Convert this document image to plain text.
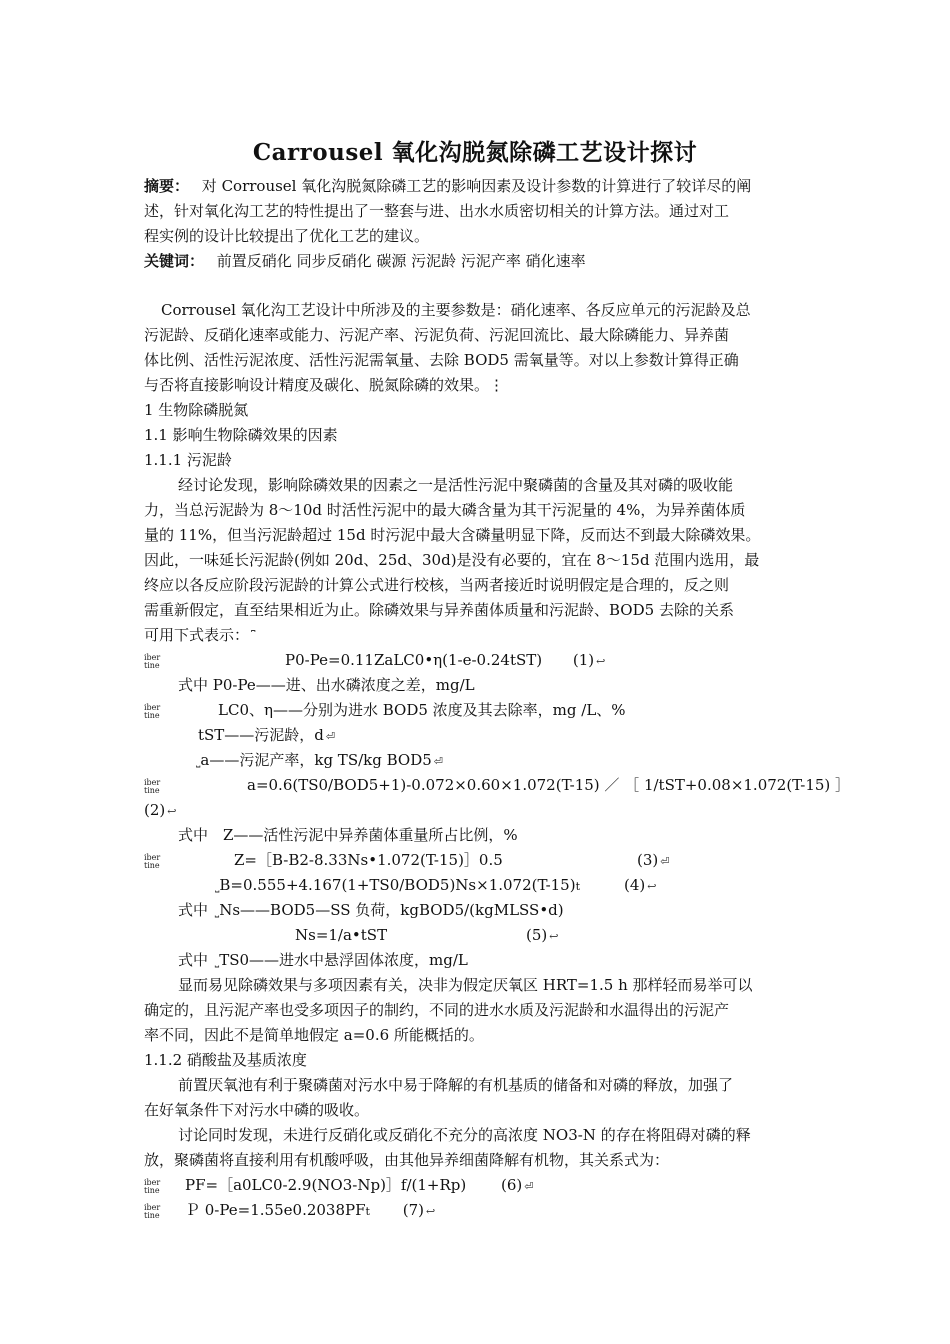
Carrousel 氧化沟脱氮除磷工艺设计探讨
摘要： 对 Corrousel 氧化沟脱氮除磷工艺的影响因素及设计参数的计算进行了较详尽的阐
述，针对氧化沟工艺的特性提出了一整套与进、出水水质密切相关的计算方法。通过对工
程实例的设计比较提出了优化工艺的建议。
关键词： 前置反硝化 同步反硝化 碳源 污泥龄 污泥产率 硝化速率
Corrousel 氧化沟工艺设计中所涉及的主要参数是：硝化速率、各反应单元的污泥龄及总
污泥龄、反硝化速率或能力、污泥产率、污泥负荷、污泥回流比、最大除磷能力、异养菌
体比例、活性污泥浓度、活性污泥需氧量、去除 BOD5 需氧量等。对以上参数计算得正确
与否将直接影响设计精度及碳化、脱氮除磷的效果。⋮
1 生物除磷脱氮
1.1 影响生物除磷效果的因素
1.1.1 污泥龄
经讨论发现，影响除磷效果的因素之一是活性污泥中聚磷菌的含量及其对磷的吸收能
力，当总污泥龄为 8～10d 时活性污泥中的最大磷含量为其干污泥量的 4%，为异养菌体质
量的 11%，但当污泥龄超过 15d 时污泥中最大含磷量明显下降，反而达不到最大除磷效果。
因此，一味延长污泥龄(例如 20d、25d、30d)是没有必要的，宜在 8～15d 范围内选用，最
终应以各反应阶段污泥龄的计算公式进行校核，当两者接近时说明假定是合理的，反之则
需重新假定，直至结果相近为止。除磷效果与异养菌体质量和污泥龄、BOD5 去除的关系
可用下式表示： ⎴
iber
tine	P0-Pe=0.11ZaLC0•η(1-e-0.24tST) (1) ↩
式中 P0-Pe——进、出水磷浓度之差，mg/L
iber
tine	LC0、η——分别为进水 BOD5 浓度及其去除率，mg /L、%
tST——污泥龄，d ⏎
⎵a——污泥产率，kg TS/kg BOD5 ⏎
iber
tine	a=0.6(TS0/BOD5+1)-0.072×0.60×1.072(T-15) ／ ［ 1/tST+0.08×1.072(T-15) ］
(2) ↩
式中　Z——活性污泥中异养菌体重量所占比例，%
iber
tine	Z=［B-B2-8.33Ns•1.072(T-15)］0.5	(3) ⏎
⎵B=0.555+4.167(1+TS0/BOD5)Ns×1.072(T-15)t	(4) ↩
式中 ⎵Ns——BOD5—SS 负荷，kgBOD5/(kgMLSS•d)
Ns=1/a•tST	(5) ↩
式中 ⎵TS0——进水中悬浮固体浓度，mg/L
显而易见除磷效果与多项因素有关，决非为假定厌氧区 HRT=1.5 h 那样轻而易举可以
确定的，且污泥产率也受多项因子的制约，不同的进水水质及污泥龄和水温得出的污泥产
率不同，因此不是简单地假定 a=0.6 所能概括的。
1.1.2 硝酸盐及基质浓度
前置厌氧池有利于聚磷菌对污水中易于降解的有机基质的储备和对磷的释放，加强了
在好氧条件下对污水中磷的吸收。
讨论同时发现，未进行反硝化或反硝化不充分的高浓度 NO3-N 的存在将阻碍对磷的释
放，聚磷菌将直接利用有机酸呼吸，由其他异养细菌降解有机物，其关系式为：
iber
tine PF=［a0LC0-2.9(NO3-Np)］f/(1+Rp) (6) ⏎
iber
tine Ｐ 0-Pe=1.55e0.2038PFt (7) ↩
